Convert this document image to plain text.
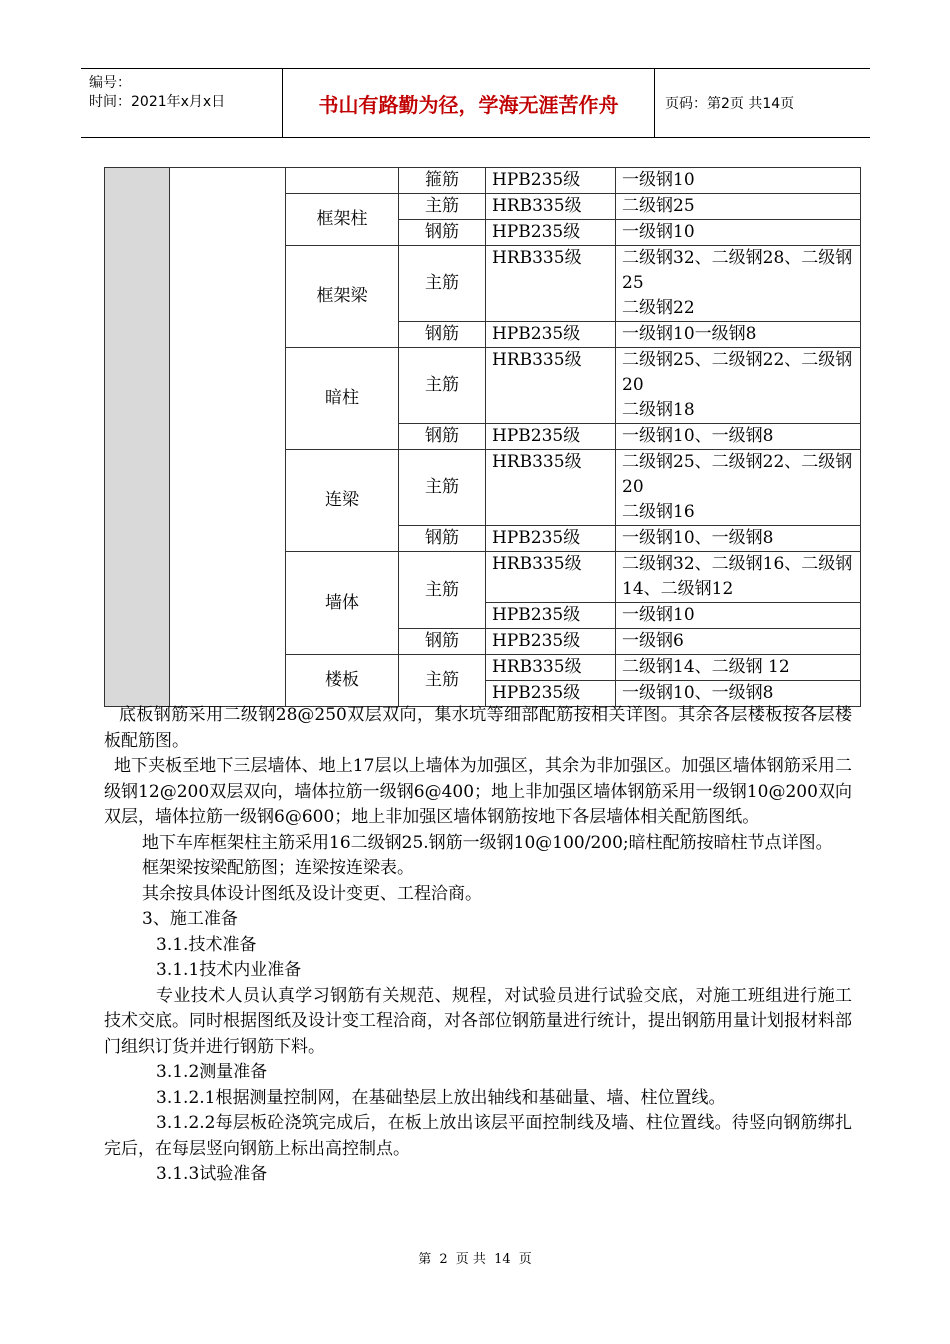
编号：
时间：2021年x月x日	书山有路勤为径，学海无涯苦作舟	页码：第2页 共14页
			箍筋	HPB235级	一级钢10
		框架柱	主筋	HRB335级	二级钢25
			钢筋	HPB235级	一级钢10
		框架梁	主筋	HRB335级	二级钢32、二级钢28、二级钢25
二级钢22
			钢筋	HPB235级	一级钢10一级钢8
		暗柱	主筋	HRB335级	二级钢25、二级钢22、二级钢20
二级钢18
			钢筋	HPB235级	一级钢10、一级钢8
		连梁	主筋	HRB335级	二级钢25、二级钢22、二级钢20
二级钢16
			钢筋	HPB235级	一级钢10、一级钢8
		墙体	主筋	HRB335级	二级钢32、二级钢16、二级钢14、二级钢12
				HPB235级	一级钢10
			钢筋	HPB235级	一级钢6
		楼板	主筋	HRB335级	二级钢14、二级钢 12
				HPB235级	一级钢10、一级钢8

底板钢筋采用二级钢28@250双层双向，集水坑等细部配筋按相关详图。其余各层楼板按各层楼板配筋图。

地下夹板至地下三层墙体、地上17层以上墙体为加强区，其余为非加强区。加强区墙体钢筋采用二级钢12@200双层双向，墙体拉筋一级钢6@400；地上非加强区墙体钢筋采用一级钢10@200双向双层，墙体拉筋一级钢6@600；地上非加强区墙体钢筋按地下各层墙体相关配筋图纸。

地下车库框架柱主筋采用16二级钢25.钢筋一级钢10@100/200;暗柱配筋按暗柱节点详图。

框架梁按梁配筋图；连梁按连梁表。

其余按具体设计图纸及设计变更、工程洽商。

3、施工准备

3.1.技术准备

3.1.1技术内业准备

专业技术人员认真学习钢筋有关规范、规程，对试验员进行试验交底，对施工班组进行施工技术交底。同时根据图纸及设计变工程洽商，对各部位钢筋量进行统计，提出钢筋用量计划报材料部门组织订货并进行钢筋下料。

3.1.2测量准备

3.1.2.1根据测量控制网，在基础垫层上放出轴线和基础量、墙、柱位置线。

3.1.2.2每层板砼浇筑完成后，在板上放出该层平面控制线及墙、柱位置线。待竖向钢筋绑扎完后，在每层竖向钢筋上标出高控制点。

3.1.3试验准备

第 2 页 共 14 页
